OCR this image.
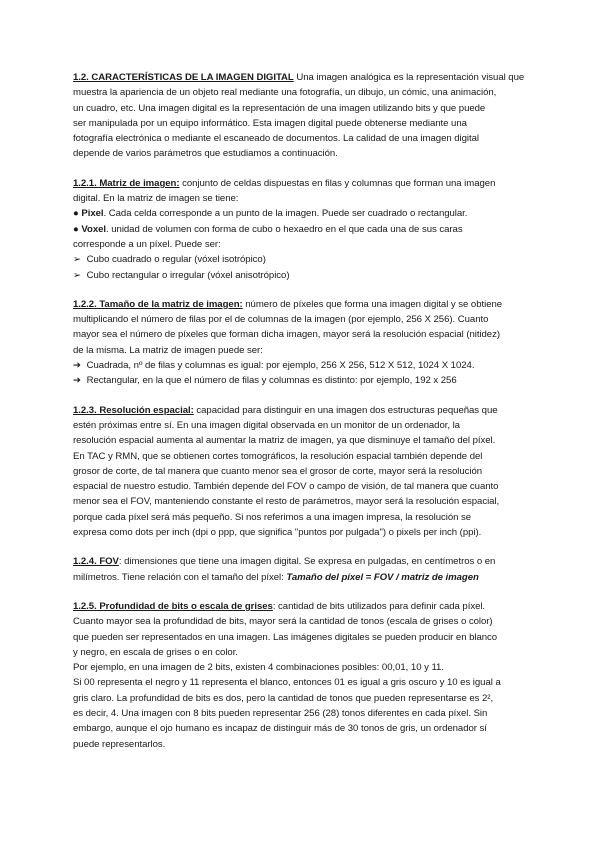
1.2. CARACTERÍSTICAS DE LA IMAGEN DIGITAL Una imagen analógica es la representación visual que
muestra la apariencia de un objeto real mediante una fotografía, un dibujo, un cómic, una animación,
un cuadro, etc. Una imagen digital es la representación de una imagen utilizando bits y que puede
ser manipulada por un equipo informático. Esta imagen digital puede obtenerse mediante una
fotografía electrónica o mediante el escaneado de documentos. La calidad de una imagen digital
depende de varios parámetros que estudiamos a continuación.
1.2.1. Matriz de imagen: conjunto de celdas dispuestas en filas y columnas que forman una imagen
digital. En la matriz de imagen se tiene:
● Pixel. Cada celda corresponde a un punto de la imagen. Puede ser cuadrado o rectangular.
● Voxel. unidad de volumen con forma de cubo o hexaedro en el que cada una de sus caras
corresponde a un píxel. Puede ser:
➢ Cubo cuadrado o regular (vóxel isotrópico)
➢ Cubo rectangular o irregular (vóxel anisotrópico)
1.2.2. Tamaño de la matriz de imagen: número de píxeles que forma una imagen digital y se obtiene
multiplicando el número de filas por el de columnas de la imagen (por ejemplo, 256 X 256). Cuanto
mayor sea el número de píxeles que forman dicha imagen, mayor será la resolución espacial (nitidez)
de la misma. La matriz de imagen puede ser:
➔ Cuadrada, nº de filas y columnas es igual: por ejemplo, 256 X 256, 512 X 512, 1024 X 1024.
➔ Rectangular, en la que el número de filas y columnas es distinto: por ejemplo, 192 x 256
1.2.3. Resolución espacial: capacidad para distinguir en una imagen dos estructuras pequeñas que
estén próximas entre sí. En una imagen digital observada en un monitor de un ordenador, la
resolución espacial aumenta al aumentar la matriz de imagen, ya que disminuye el tamaño del píxel.
En TAC y RMN, que se obtienen cortes tomográficos, la resolución espacial también depende del
grosor de corte, de tal manera que cuanto menor sea el grosor de corte, mayor será la resolución
espacial de nuestro estudio. También depende del FOV o campo de visión, de tal manera que cuanto
menor sea el FOV, manteniendo constante el resto de parámetros, mayor será la resolución espacial,
porque cada píxel será más pequeño. Si nos referimos a una imagen impresa, la resolución se
expresa como dots per inch (dpi o ppp, que significa "puntos por pulgada") o pixels per inch (ppi).
1.2.4. FOV: dimensiones que tiene una imagen digital. Se expresa en pulgadas, en centímetros o en
milímetros. Tiene relación con el tamaño del píxel: Tamaño del píxel = FOV / matriz de imagen
1.2.5. Profundidad de bits o escala de grises: cantidad de bits utilizados para definir cada píxel.
Cuanto mayor sea la profundidad de bits, mayor será la cantidad de tonos (escala de grises o color)
que pueden ser representados en una imagen. Las imágenes digitales se pueden producir en blanco
y negro, en escala de grises o en color.
Por ejemplo, en una imagen de 2 bits, existen 4 combinaciones posibles: 00,01, 10 y 11.
Si 00 representa el negro y 11 representa el blanco, entonces 01 es igual a gris oscuro y 10 es igual a
gris claro. La profundidad de bits es dos, pero la cantidad de tonos que pueden representarse es 2²,
es decir, 4. Una imagen con 8 bits pueden representar 256 (28) tonos diferentes en cada píxel. Sin
embargo, aunque el ojo humano es incapaz de distinguir más de 30 tonos de gris, un ordenador sí
puede representarlos.
